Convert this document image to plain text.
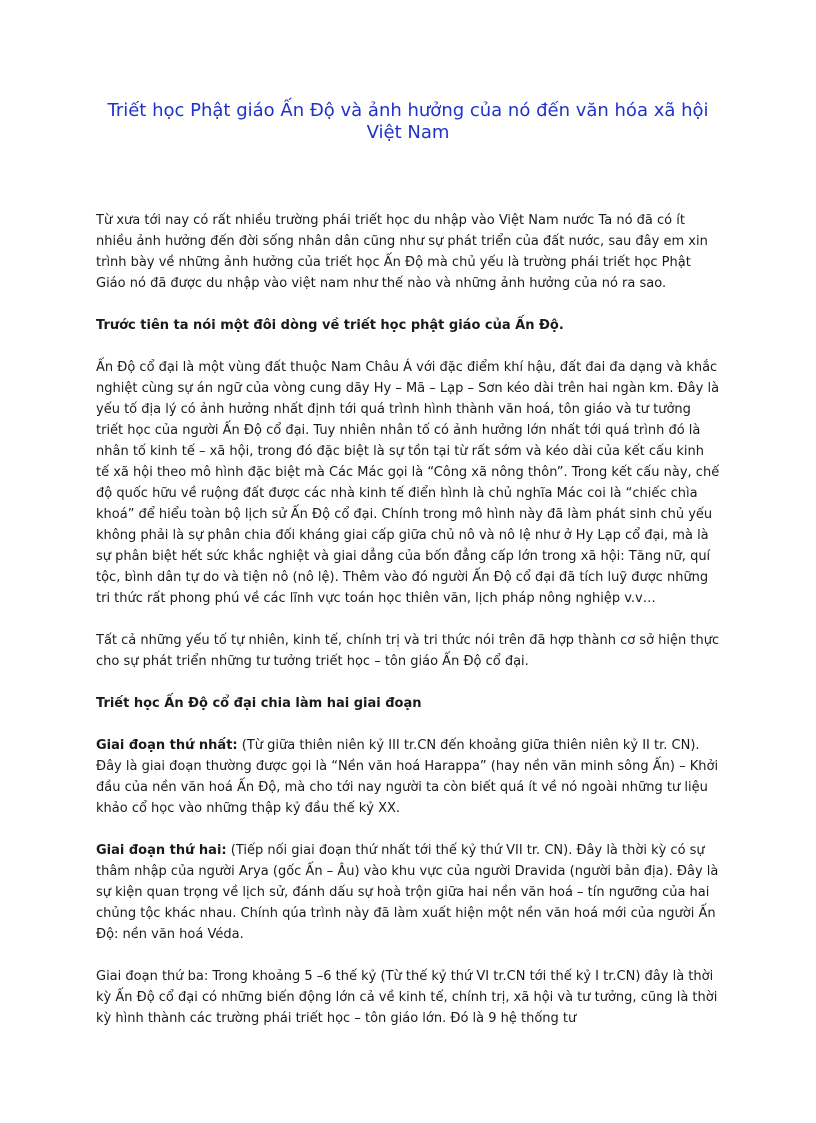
Triết học Phật giáo Ấn Độ và ảnh hưởng của nó đến văn hóa xã hội Việt Nam

Từ xưa tới nay có rất nhiều trường phái triết học du nhập vào Việt Nam nước Ta nó đã có ít nhiều ảnh hưởng đến đời sống nhân dân cũng như sự phát triển của đất nước, sau đây em xin trình bày về những ảnh hưởng của triết học Ấn Độ mà chủ yếu là trường phái triết học Phật Giáo nó đã được du nhập vào việt nam như thế nào và những ảnh hưởng của nó ra sao.

Trước tiên ta nói một đôi dòng về triết học phật giáo của Ấn Độ.

Ấn Độ cổ đại là một vùng đất thuộc Nam Châu Á với đặc điểm khí hậu, đất đai đa dạng và khắc nghiệt cùng sự án ngữ của vòng cung dãy Hy – Mã – Lạp – Sơn kéo dài trên hai ngàn km. Đây là yếu tố địa lý có ảnh hưởng nhất định tới quá trình hình thành văn hoá, tôn giáo và tư tưởng triết học của người Ấn Độ cổ đại. Tuy nhiên nhân tố có ảnh hưởng lớn nhất tới quá trình đó là nhân tố kinh tế – xã hội, trong đó đặc biệt là sự tồn tại từ rất sớm và kéo dài của kết cấu kinh tế xã hội theo mô hình đặc biệt mà Các Mác gọi là “Công xã nông thôn”. Trong kết cấu này, chế độ quốc hữu về ruộng đất được các nhà kinh tế điển hình là chủ nghĩa Mác coi là “chiếc chìa khoá” để hiểu toàn bộ lịch sử Ấn Độ cổ đại. Chính trong mô hình này đã làm phát sinh chủ yếu không phải là sự phân chia đối kháng giai cấp giữa chủ nô và nô lệ như ở Hy Lạp cổ đại, mà là sự phân biệt hết sức khắc nghiệt và giai dẳng của bốn đẳng cấp lớn trong xã hội: Tăng nữ, quí tộc, bình dân tự do và tiện nô (nô lệ). Thêm vào đó người Ấn Độ cổ đại đã tích luỹ được những tri thức rất phong phú về các lĩnh vực toán học thiên văn, lịch pháp nông nghiệp v.v…

Tất cả những yếu tố tự nhiên, kinh tế, chính trị và tri thức nói trên đã hợp thành cơ sở hiện thực cho sự phát triển những tư tưởng triết học – tôn giáo Ấn Độ cổ đại.

Triết học Ấn Độ cổ đại chia làm hai giai đoạn

Giai đoạn thứ nhất: (Từ giữa thiên niên kỷ III tr.CN đến khoảng giữa thiên niên kỷ II tr. CN). Đây là giai đoạn thường được gọi là “Nền văn hoá Harappa” (hay nền văn minh sông Ấn) – Khởi đầu của nền văn hoá Ấn Độ, mà cho tới nay người ta còn biết quá ít về nó ngoài những tư liệu khảo cổ học vào những thập kỷ đầu thế kỷ XX.

Giai đoạn thứ hai: (Tiếp nối giai đoạn thứ nhất tới thế kỷ thứ VII tr. CN). Đây là thời kỳ có sự thâm nhập của người Arya (gốc Ấn – Âu) vào khu vực của người Dravida (người bản địa). Đây là sự kiện quan trọng về lịch sử, đánh dấu sự hoà trộn giữa hai nền văn hoá – tín ngưỡng của hai chủng tộc khác nhau. Chính qúa trình này đã làm xuất hiện một nền văn hoá mới của người Ấn Độ: nền văn hoá Véda.

Giai đoạn thứ ba: Trong khoảng 5 –6 thế kỷ (Từ thế kỷ thứ VI tr.CN tới thế kỷ I tr.CN) đây là thời kỳ Ấn Độ cổ đại có những biến động lớn cả về kinh tế, chính trị, xã hội và tư tưởng, cũng là thời kỳ hình thành các trường phái triết học – tôn giáo lớn. Đó là 9 hệ thống tư
